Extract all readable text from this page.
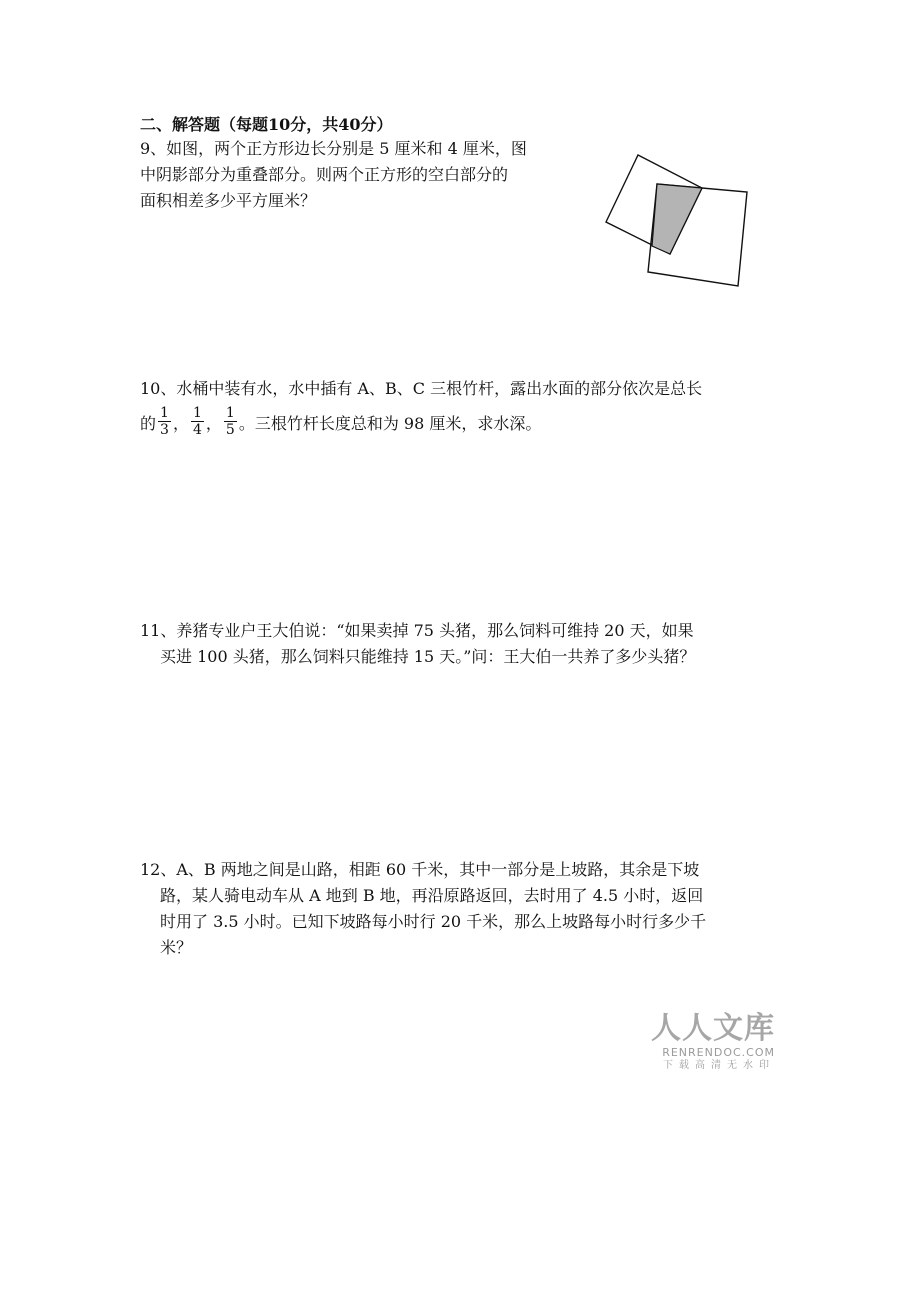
二、解答题（每题10分，共40分）
9、如图，两个正方形边长分别是 5 厘米和 4 厘米，图
中阴影部分为重叠部分。则两个正方形的空白部分的
面积相差多少平方厘米？
10、水桶中装有水，水中插有 A、B、C 三根竹杆，露出水面的部分依次是总长
的 $\frac{1}{3}$ ， $\frac{1}{4}$ ， $\frac{1}{5}$ 。三根竹杆长度总和为 98 厘米，求水深。
11、养猪专业户王大伯说：“如果卖掉 75 头猪，那么饲料可维持 20 天，如果
买进 100 头猪，那么饲料只能维持 15 天。”问：王大伯一共养了多少头猪？
12、A、B 两地之间是山路，相距 60 千米，其中一部分是上坡路，其余是下坡
路，某人骑电动车从 A 地到 B 地，再沿原路返回，去时用了 4.5 小时，返回
时用了 3.5 小时。已知下坡路每小时行 20 千米，那么上坡路每小时行多少千
米？
人人文库
RENRENDOC.COM
下载高清无水印
